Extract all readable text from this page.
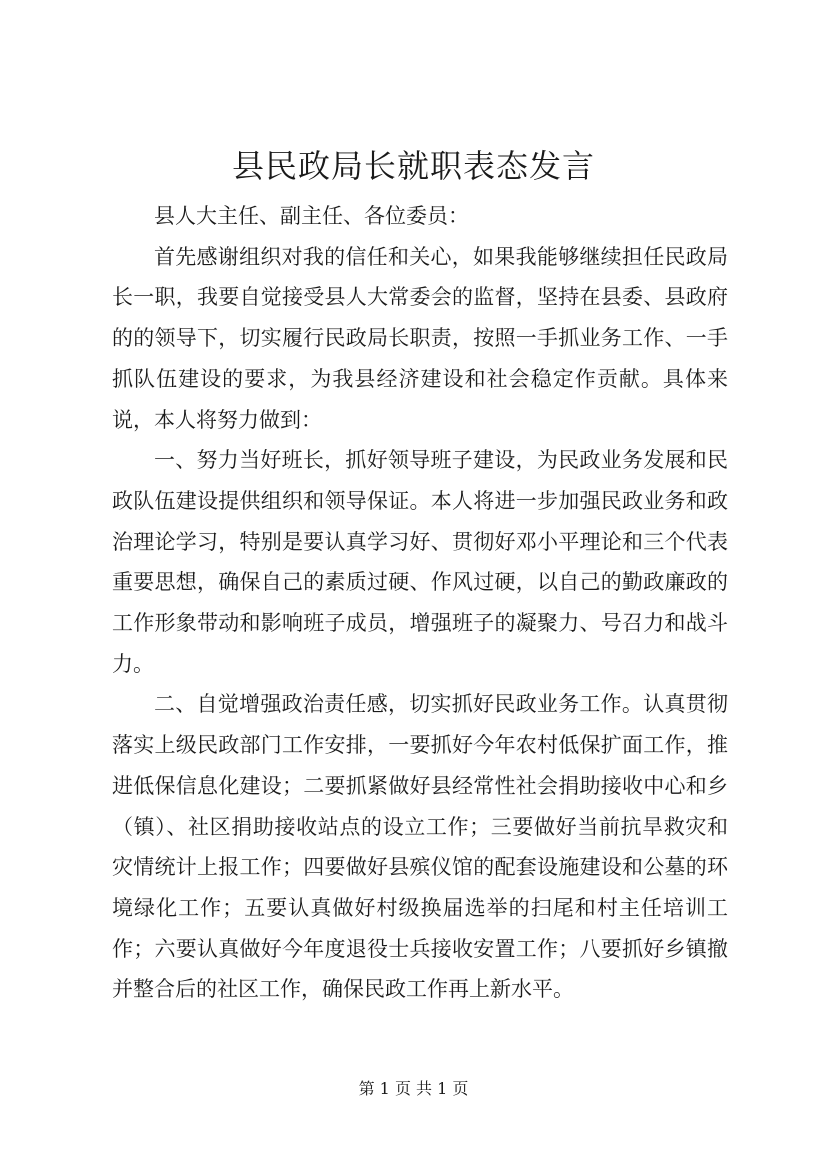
县民政局长就职表态发言

县人大主任、副主任、各位委员：

首先感谢组织对我的信任和关心，如果我能够继续担任民政局长一职，我要自觉接受县人大常委会的监督，坚持在县委、县政府的的领导下，切实履行民政局长职责，按照一手抓业务工作、一手抓队伍建设的要求，为我县经济建设和社会稳定作贡献。具体来说，本人将努力做到：

一、努力当好班长，抓好领导班子建设，为民政业务发展和民政队伍建设提供组织和领导保证。本人将进一步加强民政业务和政治理论学习，特别是要认真学习好、贯彻好邓小平理论和三个代表重要思想，确保自己的素质过硬、作风过硬，以自己的勤政廉政的工作形象带动和影响班子成员，增强班子的凝聚力、号召力和战斗力。

二、自觉增强政治责任感，切实抓好民政业务工作。认真贯彻落实上级民政部门工作安排，一要抓好今年农村低保扩面工作，推进低保信息化建设；二要抓紧做好县经常性社会捐助接收中心和乡（镇）、社区捐助接收站点的设立工作；三要做好当前抗旱救灾和灾情统计上报工作；四要做好县殡仪馆的配套设施建设和公墓的环境绿化工作；五要认真做好村级换届选举的扫尾和村主任培训工作；六要认真做好今年度退役士兵接收安置工作；八要抓好乡镇撤并整合后的社区工作，确保民政工作再上新水平。

第 1 页 共 1 页
